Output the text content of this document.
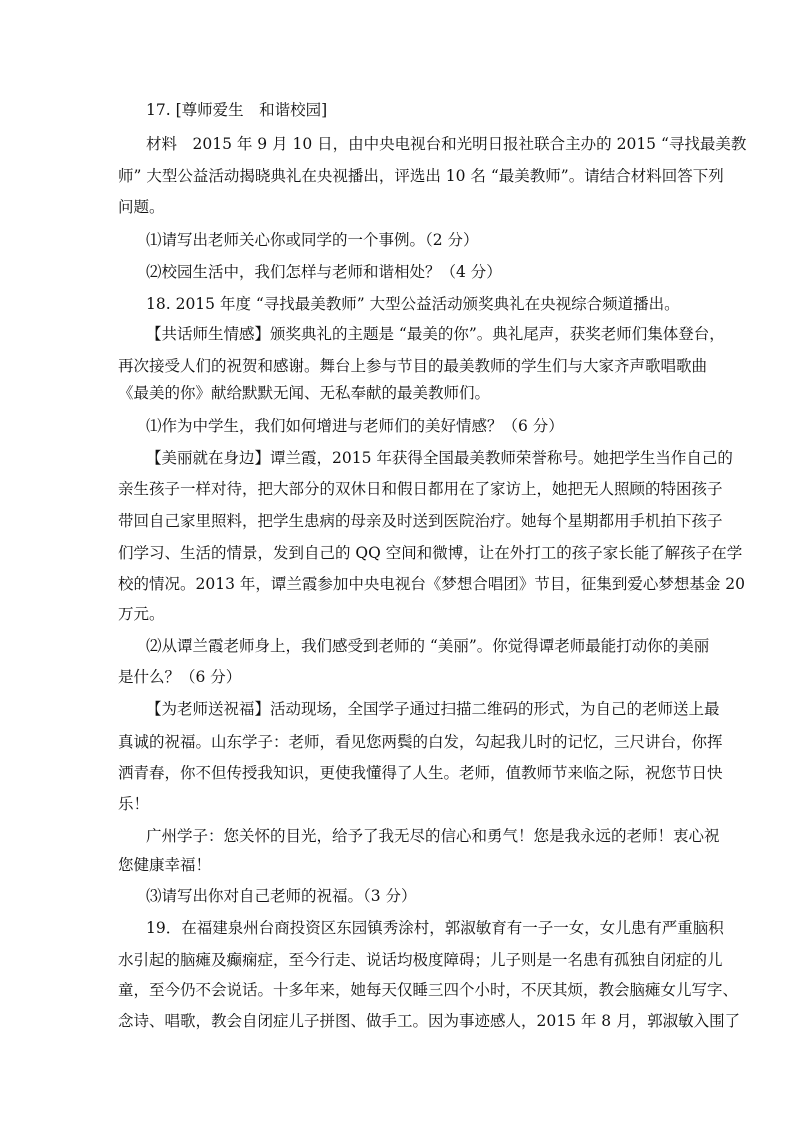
17. [尊师爱生　和谐校园]
材料　2015 年 9 月 10 日，由中央电视台和光明日报社联合主办的 2015 “寻找最美教
师” 大型公益活动揭晓典礼在央视播出，评选出 10 名 “最美教师”。请结合材料回答下列
问题。
⑴请写出老师关心你或同学的一个事例。（2 分）
⑵校园生活中，我们怎样与老师和谐相处？（4 分）
18. 2015 年度 “寻找最美教师” 大型公益活动颁奖典礼在央视综合频道播出。
【共话师生情感】颁奖典礼的主题是 “最美的你”。典礼尾声，获奖老师们集体登台，
再次接受人们的祝贺和感谢。舞台上参与节目的最美教师的学生们与大家齐声歌唱歌曲
《最美的你》献给默默无闻、无私奉献的最美教师们。
⑴作为中学生，我们如何增进与老师们的美好情感？（6 分）
【美丽就在身边】谭兰霞，2015 年获得全国最美教师荣誉称号。她把学生当作自己的
亲生孩子一样对待，把大部分的双休日和假日都用在了家访上，她把无人照顾的特困孩子
带回自己家里照料，把学生患病的母亲及时送到医院治疗。她每个星期都用手机拍下孩子
们学习、生活的情景，发到自己的 QQ 空间和微博，让在外打工的孩子家长能了解孩子在学
校的情况。2013 年，谭兰霞参加中央电视台《梦想合唱团》节目，征集到爱心梦想基金 20
万元。
⑵从谭兰霞老师身上，我们感受到老师的 “美丽”。你觉得谭老师最能打动你的美丽
是什么？（6 分）
【为老师送祝福】活动现场，全国学子通过扫描二维码的形式，为自己的老师送上最
真诚的祝福。山东学子：老师，看见您两鬓的白发，勾起我儿时的记忆，三尺讲台，你挥
洒青春，你不但传授我知识，更使我懂得了人生。老师，值教师节来临之际，祝您节日快
乐！
广州学子：您关怀的目光，给予了我无尽的信心和勇气！您是我永远的老师！衷心祝
您健康幸福！
⑶请写出你对自己老师的祝福。（3 分）
19．在福建泉州台商投资区东园镇秀涂村，郭淑敏育有一子一女，女儿患有严重脑积
水引起的脑瘫及癫痫症，至今行走、说话均极度障碍；儿子则是一名患有孤独自闭症的儿
童，至今仍不会说话。十多年来，她每天仅睡三四个小时，不厌其烦，教会脑瘫女儿写字、
念诗、唱歌，教会自闭症儿子拼图、做手工。因为事迹感人，2015 年 8 月，郭淑敏入围了
